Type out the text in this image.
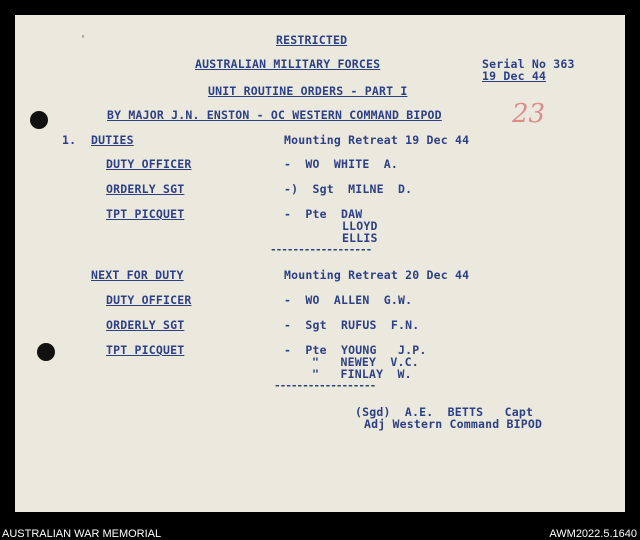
'	RESTRICTED
AUSTRALIAN MILITARY FORCES	Serial No 363
19 Dec 44
UNIT ROUTINE ORDERS - PART I
BY MAJOR J.N. ENSTON - OC WESTERN COMMAND BIPOD	23
1. DUTIES	Mounting Retreat 19 Dec 44
DUTY OFFICER	-  WO  WHITE  A.
ORDERLY SGT	-)  Sgt  MILNE  D.
TPT PICQUET	-  Pte  DAW
LLOYD
ELLIS
------------------
NEXT FOR DUTY	Mounting Retreat 20 Dec 44
DUTY OFFICER	-  WO  ALLEN  G.W.
ORDERLY SGT	-  Sgt  RUFUS  F.N.
TPT PICQUET	-  Pte  YOUNG   J.P.
"   NEWEY  V.C.
"   FINLAY  W.
------------------
(Sgd)  A.E.  BETTS   Capt
Adj Western Command BIPOD
AUSTRALIAN WAR MEMORIAL	AWM2022.5.1640
